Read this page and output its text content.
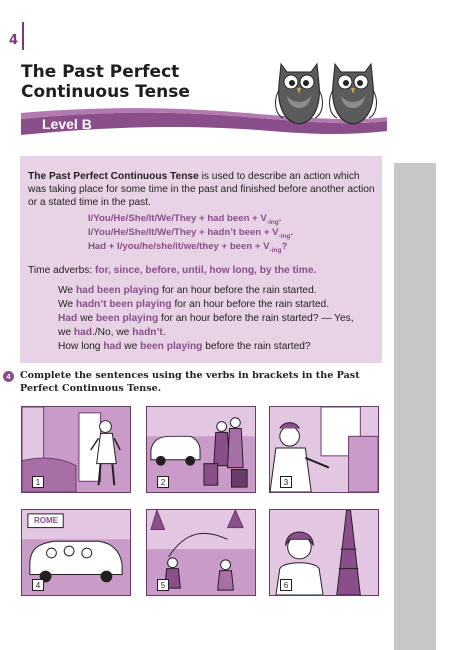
4
The Past Perfect
Continuous Tense
Level B
The Past Perfect Continuous Tense is used to describe an action which was taking place for some time in the past and finished before another action or a stated time in the past.
I/You/He/She/It/We/They + had been + $V_{-ing}$.
I/You/He/She/It/We/They + hadn’t been + $V_{-ing}$.
Had + I/you/he/she/it/we/they + been + $V_{-ing}$?
Time adverbs: for, since, before, until, how long, by the time.
We had been playing for an hour before the rain started.
We hadn’t been playing for an hour before the rain started.
Had we been playing for an hour before the rain started? — Yes,
we had./No, we hadn’t.
How long had we been playing before the rain started?
4 Complete the sentences using the verbs in brackets in the Past Perfect Continuous Tense.
1	2	3
ROME
4	5	6
